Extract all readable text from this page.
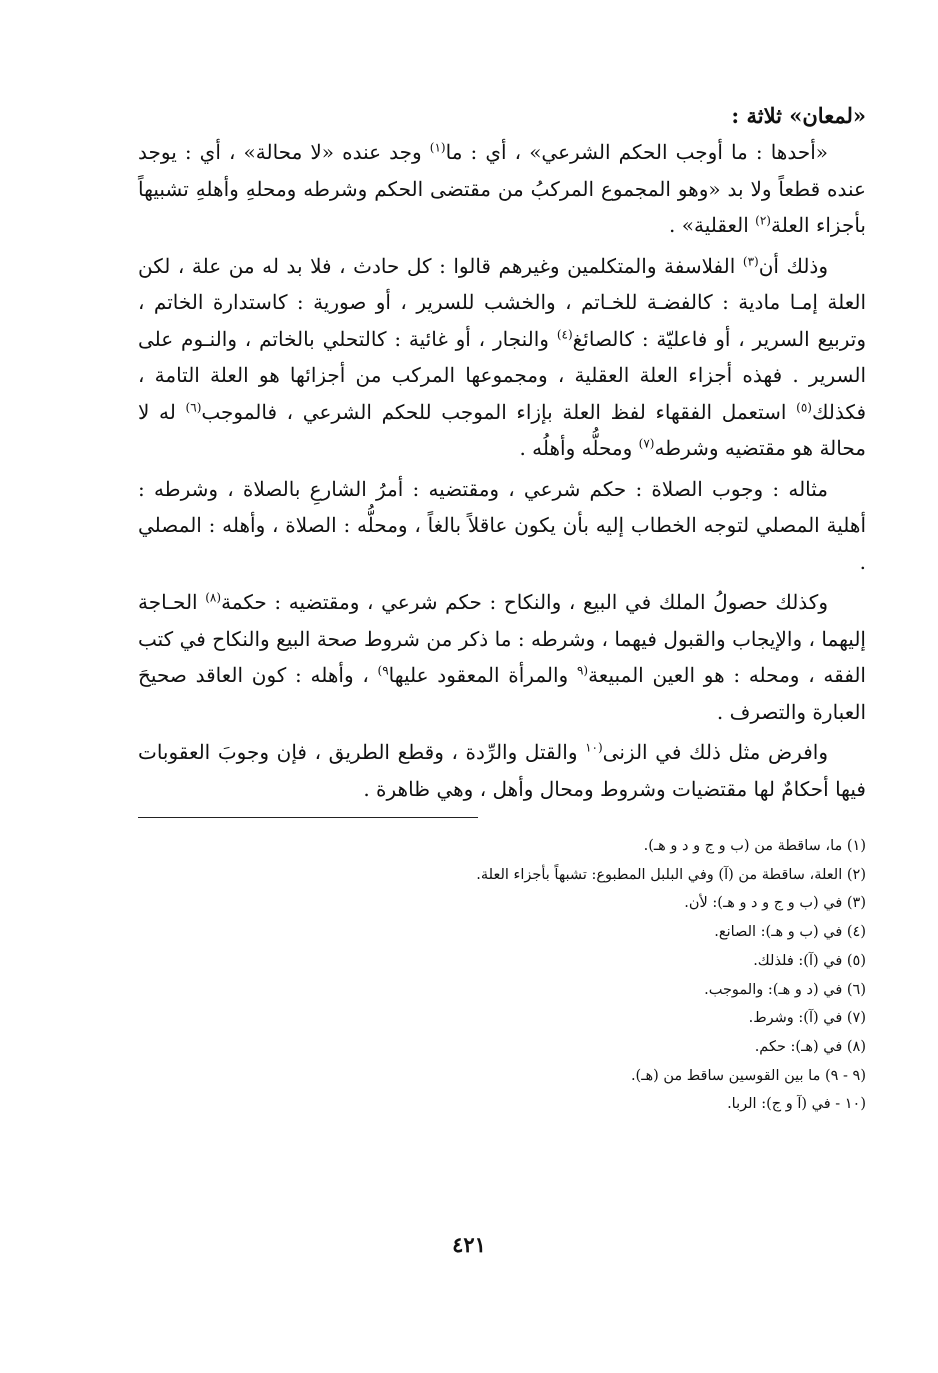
«لمعان» ثلاثة :

«أحدها : ما أوجب الحكم الشرعي» ، أي : ما$^{(١)}$ وجد عنده «لا محالة» ، أي : يوجد عنده قطعاً ولا بد «وهو المجموع المركبُ من مقتضى الحكم وشرطه ومحلهِ وأهلهِ تشبيهاً بأجزاء العلة$^{(٢)}$ العقلية» .

وذلك أن$^{(٣)}$ الفلاسفة والمتكلمين وغيرهم قالوا : كل حادث ، فلا بد له من علة ، لكن العلة إمـا مادية : كالفضـة للخـاتم ، والخشب للسرير ، أو صورية : كاستدارة الخاتم ، وتربيع السرير ، أو فاعليّة : كالصائغ$^{(٤)}$ والنجار ، أو غائية : كالتحلي بالخاتم ، والنـوم على السرير . فهذه أجزاء العلة العقلية ، ومجموعها المركب من أجزائها هو العلة التامة ، فكذلك$^{(٥)}$ استعمل الفقهاء لفظ العلة بإزاء الموجب للحكم الشرعي ، فالموجب$^{(٦)}$ له لا محالة هو مقتضيه وشرطه$^{(٧)}$ ومحلُّه وأهلُه .

مثاله : وجوب الصلاة : حكم شرعي ، ومقتضيه : أمرُ الشارعِ بالصلاة ، وشرطه : أهلية المصلي لتوجه الخطاب إليه بأن يكون عاقلاً بالغاً ، ومحلُّه : الصلاة ، وأهله : المصلي .

وكذلك حصولُ الملك في البيع ، والنكاح : حكم شرعي ، ومقتضيه : حكمة$^{(٨)}$ الحـاجة إليهما ، والإيجاب والقبول فيهما ، وشرطه : ما ذكر من شروط صحة البيع والنكاح في كتب الفقه ، ومحله : هو العين المبيعة$^{(٩}$ والمرأة المعقود عليها$^{٩)}$ ، وأهله : كون العاقد صحيحَ العبارة والتصرف .

وافرض مثل ذلك في الزنى$^{(١٠}$ والقتل والرِّدة ، وقطع الطريق ، فإن وجوبَ العقوبات فيها أحكامٌ لها مقتضيات وشروط ومحال وأهل ، وهي ظاهرة .

(١) ما، ساقطة من (ب و ج و د و هـ).
(٢) العلة، ساقطة من (آ) وفي البلبل المطبوع: تشبهاً بأجزاء العلة.
(٣) في (ب و ج و د و هـ): لأن.
(٤) في (ب و هـ): الصانع.
(٥) في (آ): فلذلك.
(٦) في (د و هـ): والموجب.
(٧) في (آ): وشرط.
(٨) في (هـ): حكم.
(٩ - ٩) ما بين القوسين ساقط من (هـ).
(١٠ - في (آ و ج): الربا.
٤٢١
